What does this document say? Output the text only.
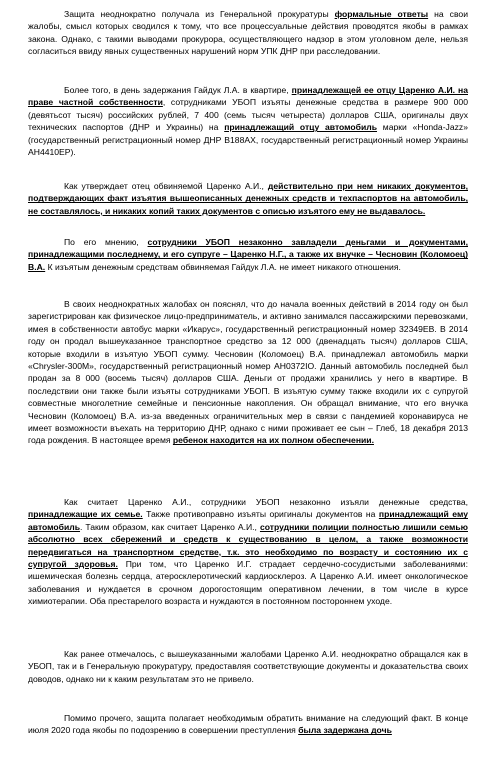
Защита неоднократно получала из Генеральной прокуратуры формальные ответы на свои жалобы, смысл которых сводился к тому, что все процессуальные действия проводятся якобы в рамках закона. Однако, с такими выводами прокурора, осуществляющего надзор в этом уголовном деле, нельзя согласиться ввиду явных существенных нарушений норм УПК ДНР при расследовании.

Более того, в день задержания Гайдук Л.А. в квартире, принадлежащей ее отцу Царенко А.И. на праве частной собственности, сотрудниками УБОП изъяты денежные средства в размере 900 000 (девятьсот тысяч) российских рублей, 7 400 (семь тысяч четыреста) долларов США, оригиналы двух технических паспортов (ДНР и Украины) на принадлежащий отцу автомобиль марки «Honda-Jazz» (государственный регистрационный номер ДНР В188АХ, государственный регистрационный номер Украины АН4410ЕР).

Как утверждает отец обвиняемой Царенко А.И., действительно при нем никаких документов, подтверждающих факт изъятия вышеописанных денежных средств и техпаспортов на автомобиль, не составлялось, и никаких копий таких документов с описью изъятого ему не выдавалось.

По его мнению, сотрудники УБОП незаконно завладели деньгами и документами, принадлежащими последнему, и его супруге – Царенко Н.Г., а также их внучке – Чесновин (Коломоец) В.А. К изъятым денежным средствам обвиняемая Гайдук Л.А. не имеет никакого отношения.

В своих неоднократных жалобах он пояснял, что до начала военных действий в 2014 году он был зарегистрирован как физическое лицо-предприниматель, и активно занимался пассажирскими перевозками, имея в собственности автобус марки «Икарус», государственный регистрационный номер 32349ЕВ. В 2014 году он продал вышеуказанное транспортное средство за 12 000 (двенадцать тысяч) долларов США, которые входили в изъятую УБОП сумму. Чесновин (Коломоец) В.А. принадлежал автомобиль марки «Chrysler-300M», государственный регистрационный номер АН0372IО. Данный автомобиль последней был продан за 8 000 (восемь тысяч) долларов США. Деньги от продажи хранились у него в квартире. В последствии они также были изъяты сотрудниками УБОП. В изъятую сумму также входили их с супругой совместные многолетние семейные и пенсионные накопления. Он обращал внимание, что его внучка Чесновин (Коломоец) В.А. из-за введенных ограничительных мер в связи с пандемией коронавируса не имеет возможности въехать на территорию ДНР, однако с ними проживает ее сын – Глеб, 18 декабря 2013 года рождения. В настоящее время ребенок находится на их полном обеспечении.

Как считает Царенко А.И., сотрудники УБОП незаконно изъяли денежные средства, принадлежащие их семье. Также противоправно изъяты оригиналы документов на принадлежащий ему автомобиль. Таким образом, как считает Царенко А.И., сотрудники полиции полностью лишили семью абсолютно всех сбережений и средств к существованию в целом, а также возможности передвигаться на транспортном средстве, т.к. это необходимо по возрасту и состоянию их с супругой здоровья. При том, что Царенко И.Г. страдает сердечно-сосудистыми заболеваниями: ишемическая болезнь сердца, атеросклеротический кардиосклероз. А Царенко А.И. имеет онкологическое заболевания и нуждается в срочном дорогостоящим оперативном лечении, в том числе в курсе химиотерапии. Оба престарелого возраста и нуждаются в постоянном постороннем уходе.

Как ранее отмечалось, с вышеуказанными жалобами Царенко А.И. неоднократно обращался как в УБОП, так и в Генеральную прокуратуру, предоставляя соответствующие документы и доказательства своих доводов, однако ни к каким результатам это не привело.

Помимо прочего, защита полагает необходимым обратить внимание на следующий факт. В конце июля 2020 года якобы по подозрению в совершении преступления была задержана дочь
